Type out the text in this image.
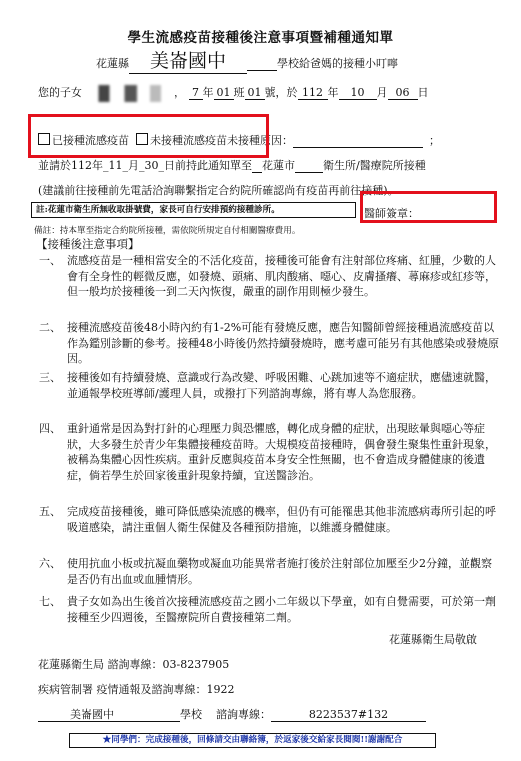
學生流感疫苗接種後注意事項暨補種通知單
花蓮縣 美崙國中	學校給爸媽的接種小叮嚀
您的子女	， 7 年 01 班 01 號，於 112 年 10 月 06 日
已接種流感疫苗 未接種流感疫苗未接種原因：	；
並請於112年_11_月_30_日前持此通知單至 花蓮市	衛生所/醫療院所接種
(建議前往接種前先電話洽詢聯繫指定合約院所確認尚有疫苗再前往接種)。
註:花蓮市衛生所無收取掛號費，家長可自行安排預約接種診所。	醫師簽章：
備註：持本單至指定合約院所接種，需依院所規定自付相關醫療費用。
【接種後注意事項】
一、 流感疫苗是一種相當安全的不活化疫苗，接種後可能會有注射部位疼痛、紅腫，少數的人會有全身性的輕微反應，如發燒、頭痛、肌肉酸痛、噁心、皮膚搔癢、蕁麻疹或紅疹等，但一般均於接種後一到二天內恢復，嚴重的副作用則極少發生。
二、 接種流感疫苗後48小時內約有1-2%可能有發燒反應，應告知醫師曾經接種過流感疫苗以作為鑑別診斷的參考。接種48小時後仍然持續發燒時，應考慮可能另有其他感染或發燒原因。
三、 接種後如有持續發燒、意識或行為改變、呼吸困難、心跳加速等不適症狀，應儘速就醫，並通報學校班導師/護理人員，或撥打下列諮詢專線，將有專人為您服務。
四、 重針通常是因為對打針的心理壓力與恐懼感，轉化成身體的症狀，出現眩暈與噁心等症狀，大多發生於青少年集體接種疫苗時。大規模疫苗接種時，偶會發生聚集性重針現象，被稱為集體心因性疾病。重針反應與疫苗本身安全性無關，也不會造成身體健康的後遺症，倘若學生於回家後重針現象持續，宜送醫診治。
五、 完成疫苗接種後，雖可降低感染流感的機率，但仍有可能罹患其他非流感病毒所引起的呼吸道感染，請注重個人衛生保健及各種預防措施，以維護身體健康。
六、 使用抗血小板或抗凝血藥物或凝血功能異常者施打後於注射部位加壓至少2分鐘，並觀察是否仍有出血或血腫情形。
七、 貴子女如為出生後首次接種流感疫苗之國小二年級以下學童，如有自覺需要，可於第一劑接種至少四週後，至醫療院所自費接種第二劑。
花蓮縣衛生局敬啟
花蓮縣衛生局 諮詢專線：03-8237905
疾病管制署 疫情通報及諮詢專線：1922
美崙國中	學校 諮詢專線：	8223537#132
★同學們：完成接種後，回條請交由聯絡簿，於返家後交給家長閱閱!!謝謝配合
